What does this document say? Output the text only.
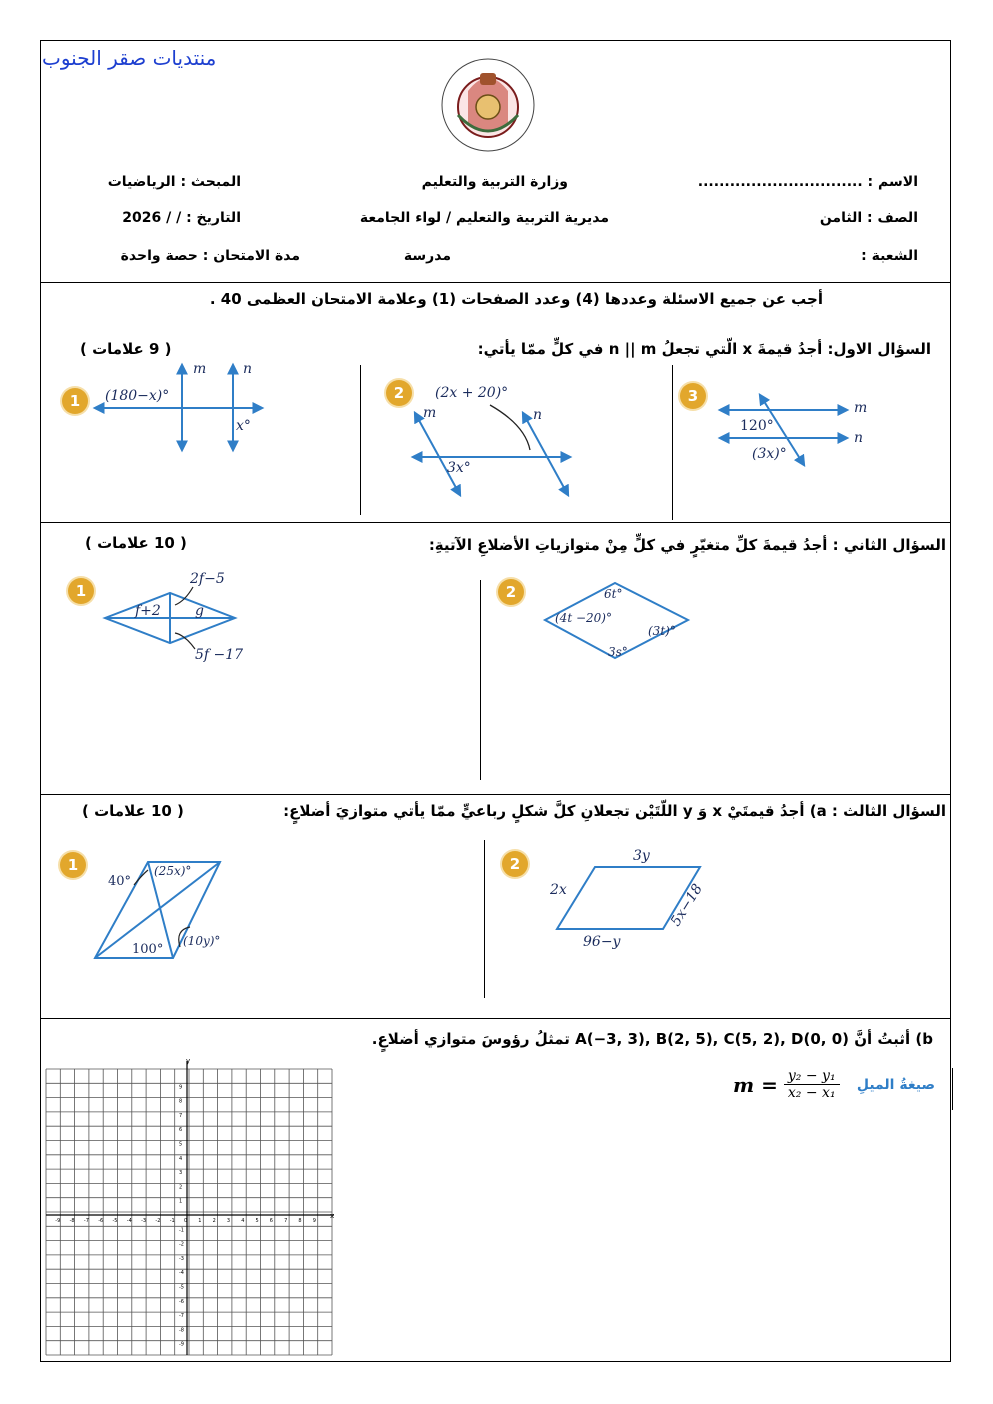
منتديات صقر الجنوب
الاسم : ...............................
وزارة التربية والتعليم
المبحث : الرياضيات
الصف : الثامن
مديرية التربية والتعليم / لواء الجامعة
التاريخ : / / 2026
الشعبة :
مدرسة
مدة الامتحان : حصة واحدة
أجب عن جميع الاسئلة وعددها (4) وعدد الصفحات (1) وعلامة الامتحان العظمى 40 .
السؤال الاول: أجدُ قيمةَ x الّتي تجعلُ n || m في كلٍّ ممّا يأتي:
( 9 علامات )
1	2	3
(180−x)°
x°
m	n
(2x + 20)°
3x°
m	n
120°
(3x)°
m
n
السؤال الثاني : أجدُ قيمةَ كلِّ متغيّرٍ في كلٍّ مِنْ متوازياتِ الأضلاعِ الآتيةِ:
( 10 علامات )
1	2
2f−5
f+2 g
5f −17
6t°
(4t −20)°
(3t)°
3s°
السؤال الثالث : a) أجدُ قيمتَيْ x وَ y اللّتَيْن تجعلانِ كلَّ شكلٍ رباعيٍّ ممّا يأتي متوازيَ أضلاعٍ:
( 10 علامات )
1	2
40°
(25x)°
100°
(10y)°
3y
2x	5x−18
96−y
b) أثبتُ أنَّ A(−3, 3), B(2, 5), C(5, 2), D(0, 0) تمثلُ رؤوسَ متوازي أضلاعٍ.
صيغةُ الميلِ
$m = \frac{\text{y₂ − y₁}}{\text{x₂ − x₁}}$
y
x
-9 -8 -7 -6 -5 -4 -3 -2 -1 0 1 2 3 4 5 6 7 8 9
9
8
7
6
5
4
3
2
1
-1
-2
-3
-4
-5
-6
-7
-8
-9
